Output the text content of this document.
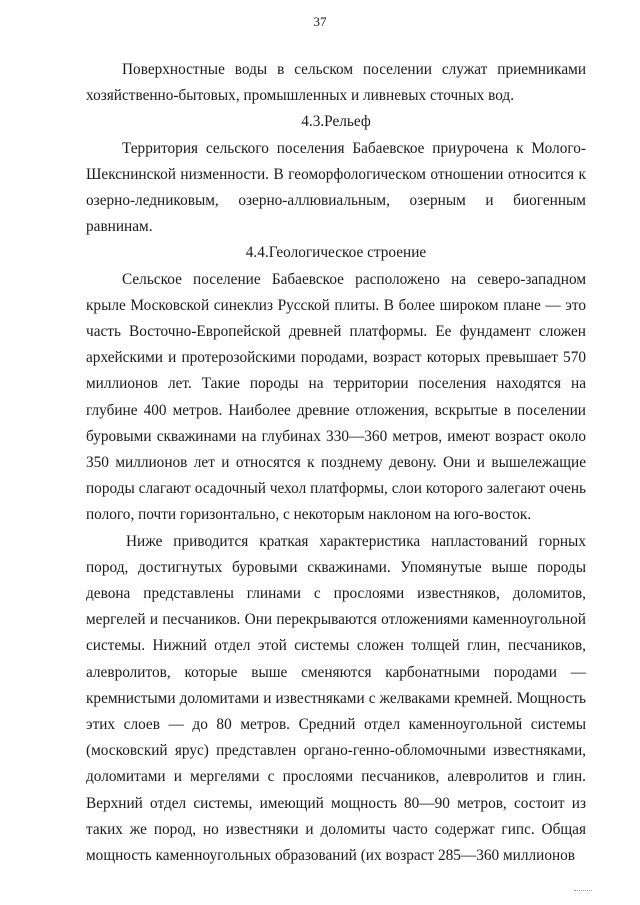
37

Поверхностные воды в сельском поселении служат приемниками хозяйственно-бытовых, промышленных и ливневых сточных вод.

4.3.Рельеф

Территория сельского поселения Бабаевское приурочена к Молого-Шекснинской низменности. В геоморфологическом отношении относится к озерно-ледниковым, озерно-аллювиальным, озерным и биогенным равнинам.

4.4.Геологическое строение

Сельское поселение Бабаевское расположено на северо-западном крыле Московской синеклиз Русской плиты. В более широком плане — это часть Восточно-Европейской древней платформы. Ее фундамент сложен архейскими и протерозойскими породами, возраст которых превышает 570 миллионов лет. Такие породы на территории поселения находятся на глубине 400 метров. Наиболее древние отложения, вскрытые в поселении буровыми скважинами на глубинах 330—360 метров, имеют возраст около 350 миллионов лет и относятся к позднему девону. Они и вышележащие породы слагают осадочный чехол платформы, слои которого залегают очень полого, почти горизонтально, с некоторым наклоном на юго-восток.

Ниже приводится краткая характеристика напластований горных пород, достигнутых буровыми скважинами. Упомянутые выше породы девона представлены глинами с прослоями известняков, доломитов, мергелей и песчаников. Они перекрываются отложениями каменноугольной системы. Нижний отдел этой системы сложен толщей глин, песчаников, алевролитов, которые выше сменяются карбонатными породами — кремнистыми доломитами и известняками с желваками кремней. Мощность этих слоев — до 80 метров. Средний отдел каменноугольной системы (московский ярус) представлен органо-генно-обломочными известняками, доломитами и мергелями с прослоями песчаников, алевролитов и глин. Верхний отдел системы, имеющий мощность 80—90 метров, состоит из таких же пород, но известняки и доломиты часто содержат гипс. Общая мощность каменноугольных образований (их возраст 285—360 миллионов
